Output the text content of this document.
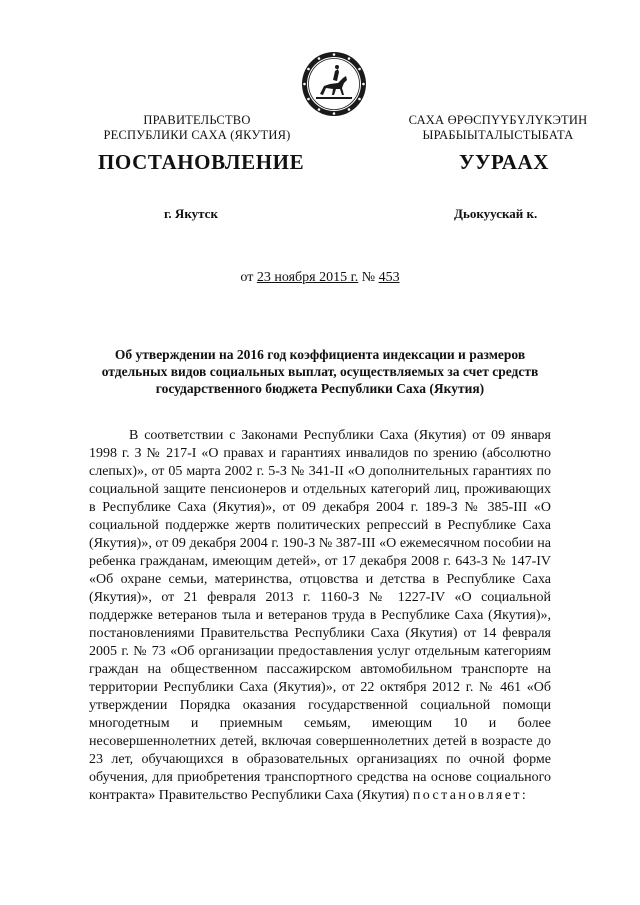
ПРАВИТЕЛЬСТВО
РЕСПУБЛИКИ САХА (ЯКУТИЯ)
САХА ӨРӨСПҮҮБҮЛҮКЭТИН
ЫРАБЫЫТАЛЫСТЫБАТА
ПОСТАНОВЛЕНИЕ	УУРААХ
г. Якутск	Дьокуускай к.
от 23 ноября 2015 г. № 453
Об утверждении на 2016 год коэффициента индексации и размеров
отдельных видов социальных выплат, осуществляемых за счет средств
государственного бюджета Республики Саха (Якутия)

В соответствии с Законами Республики Саха (Якутия) от 09 января 1998 г. З № 217-I «О правах и гарантиях инвалидов по зрению (абсолютно слепых)», от 05 марта 2002 г. 5-З № 341-II «О дополнительных гарантиях по социальной защите пенсионеров и отдельных категорий лиц, проживающих в Республике Саха (Якутия)», от 09 декабря 2004 г. 189-З № 385-III «О социальной поддержке жертв политических репрессий в Республике Саха (Якутия)», от 09 декабря 2004 г. 190-З № 387-III «О ежемесячном пособии на ребенка гражданам, имеющим детей», от 17 декабря 2008 г. 643-З № 147-IV «Об охране семьи, материнства, отцовства и детства в Республике Саха (Якутия)», от 21 февраля 2013 г. 1160-З № 1227-IV «О социальной поддержке ветеранов тыла и ветеранов труда в Республике Саха (Якутия)», постановлениями Правительства Республики Саха (Якутия) от 14 февраля 2005 г. № 73 «Об организации предоставления услуг отдельным категориям граждан на общественном пассажирском автомобильном транспорте на территории Республики Саха (Якутия)», от 22 октября 2012 г. № 461 «Об утверждении Порядка оказания государственной социальной помощи многодетным и приемным семьям, имеющим 10 и более несовершеннолетних детей, включая совершеннолетних детей в возрасте до 23 лет, обучающихся в образовательных организациях по очной форме обучения, для приобретения транспортного средства на основе социального контракта» Правительство Республики Саха (Якутия) постановляет:
